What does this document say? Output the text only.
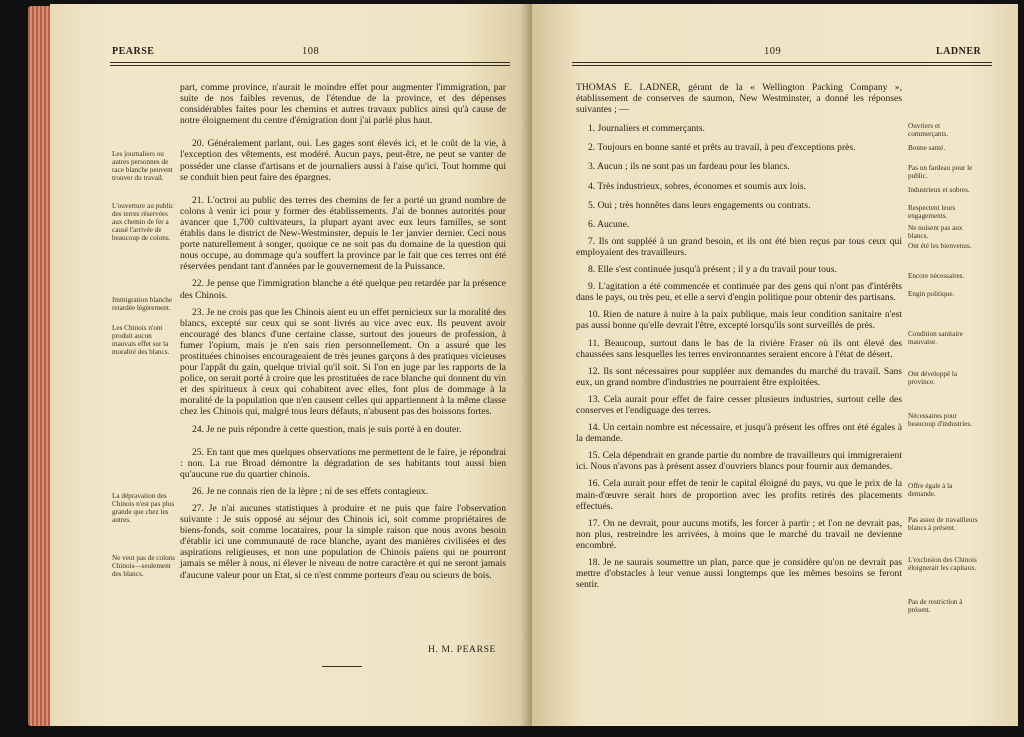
PEARSE	108

part, comme province, n'aurait le moindre effet pour augmenter l'immigration, par suite de nos faibles revenus, de l'étendue de la province, et des dépenses considérables faites pour les chemins et autres travaux publics ainsi qu'à cause de notre éloignement du centre d'émigration dont j'ai parlé plus haut.

20. Généralement parlant, oui. Les gages sont élevés ici, et le coût de la vie, à l'exception des vêtements, est modéré. Aucun pays, peut-être, ne peut se vanter de posséder une classe d'artisans et de journaliers aussi à l'aise qu'ici. Tout homme qui se conduit bien peut faire des épargnes.

21. L'octroi au public des terres des chemins de fer a porté un grand nombre de colons à venir ici pour y former des établissements. J'ai de bonnes autorités pour avancer que 1,700 cultivateurs, la plupart ayant avec eux leurs familles, se sont établis dans le district de New-Westminster, depuis le 1er janvier dernier. Ceci nous porte naturellement à songer, quoique ce ne soit pas du domaine de la question qui nous occupe, au dommage qu'a souffert la province par le fait que ces terres ont été réservées pendant tant d'années par le gouvernement de la Puissance.

22. Je pense que l'immigration blanche a été quelque peu retardée par la présence des Chinois.

23. Je ne crois pas que les Chinois aient eu un effet pernicieux sur la moralité des blancs, excepté sur ceux qui se sont livrés au vice avec eux. Ils peuvent avoir encouragé des blancs d'une certaine classe, surtout des joueurs de profession, à fumer l'opium, mais je n'en sais rien personnellement. On a assuré que les prostituées chinoises encourageaient de très jeunes garçons à des pratiques vicieuses pour l'appât du gain, quelque trivial qu'il soit. Si l'on en juge par les rapports de la police, on serait porté à croire que les prostituées de race blanche qui donnent du vin et des spiritueux à ceux qui cohabitent avec elles, font plus de dommage à la moralité de la population que n'en causent celles qui appartiennent à la même classe chez les Chinois qui, malgré tous leurs défauts, n'abusent pas des boissons fortes.

24. Je ne puis répondre à cette question, mais je suis porté à en douter.

25. En tant que mes quelques observations me permettent de le faire, je répondrai : non. La rue Broad démontre la dégradation de ses habitants tout aussi bien qu'aucune rue du quartier chinois.

26. Je ne connais rien de la lèpre ; ni de ses effets contagieux.

27. Je n'ai aucunes statistiques à produire et ne puis que faire l'observation suivante : Je suis opposé au séjour des Chinois ici, soit comme propriétaires de biens-fonds, soit comme locataires, pour la simple raison que nous avons besoin d'établir ici une communauté de race blanche, ayant des manières civilisées et des aspirations religieuses, et non une population de Chinois païens qui ne pourront jamais se mêler à nous, ni élever le niveau de notre caractère et qui ne seront jamais d'aucune valeur pour un Etat, si ce n'est comme porteurs d'eau ou scieurs de bois.

Les journaliers ou autres personnes de race blanche peuvent trouver du travail.
L'ouverture au public des terres réservées aux chemin de fer a causé l'arrivée de beaucoup de colons.
Immigration blanche retardée légèrement.
Les Chinois n'ont produit aucun mauvais effet sur la moralité des blancs.
La dépravation des Chinois n'est pas plus grande que chez les autres.
Ne veut pas de colons Chinois—seulement des blancs.
H. M. PEARSE
109	LADNER

THOMAS E. LADNER, gérant de la « Wellington Packing Company », établissement de conserves de saumon, New Westminster, a donné les réponses suivantes ; —

1. Journaliers et commerçants.

2. Toujours en bonne santé et prêts au travail, à peu d'exceptions près.

3. Aucun ; ils ne sont pas un fardeau pour les blancs.

4. Très industrieux, sobres, économes et soumis aux lois.

5. Oui ; très honnêtes dans leurs engagements ou contrats.

6. Aucune.

7. Ils ont suppléé à un grand besoin, et ils ont été bien reçus par tous ceux qui employaient des travailleurs.

8. Elle s'est continuée jusqu'à présent ; il y a du travail pour tous.

9. L'agitation a été commencée et continuée par des gens qui n'ont pas d'intérêts dans le pays, ou très peu, et elle a servi d'engin politique pour obtenir des partisans.

10. Rien de nature à nuire à la paix publique, mais leur condition sanitaire n'est pas aussi bonne qu'elle devrait l'être, excepté lorsqu'ils sont surveillés de près.

11. Beaucoup, surtout dans le bas de la rivière Fraser où ils ont élevé des chaussées sans lesquelles les terres environnantes seraient encore à l'état de désert.

12. Ils sont nécessaires pour suppléer aux demandes du marché du travail. Sans eux, un grand nombre d'industries ne pourraient être exploitées.

13. Cela aurait pour effet de faire cesser plusieurs industries, surtout celle des conserves et l'endiguage des terres.

14. Un certain nombre est nécessaire, et jusqu'à présent les offres ont été égales à la demande.

15. Cela dépendrait en grande partie du nombre de travailleurs qui immigreraient ici. Nous n'avons pas à présent assez d'ouvriers blancs pour fournir aux demandes.

16. Cela aurait pour effet de tenir le capital éloigné du pays, vu que le prix de la main-d'œuvre serait hors de proportion avec les profits retirés des placements effectués.

17. On ne devrait, pour aucuns motifs, les forcer à partir ; et l'on ne devrait pas, non plus, restreindre les arrivées, à moins que le marché du travail ne devienne encombré.

18. Je ne saurais soumettre un plan, parce que je considère qu'on ne devrait pas mettre d'obstacles à leur venue aussi longtemps que les mêmes besoins se feront sentir.

Ouvriers et commerçants.
Bonne santé.
Pas un fardeau pour le public.
Industrieux et sobres.
Respectent leurs engagements.
Ne nuisent pas aux blancs.
Ont été les bienvenus.
Encore nécessaires.
Engin politique.
Condition sanitaire mauvaise.
Ont développé la province.
Nécessaires pour beaucoup d'industries.
Offre égale à la demande.
Pas assez de travailleurs blancs à présent.
L'exclusion des Chinois éloignerait les capitaux.
Pas de restriction à présent.
